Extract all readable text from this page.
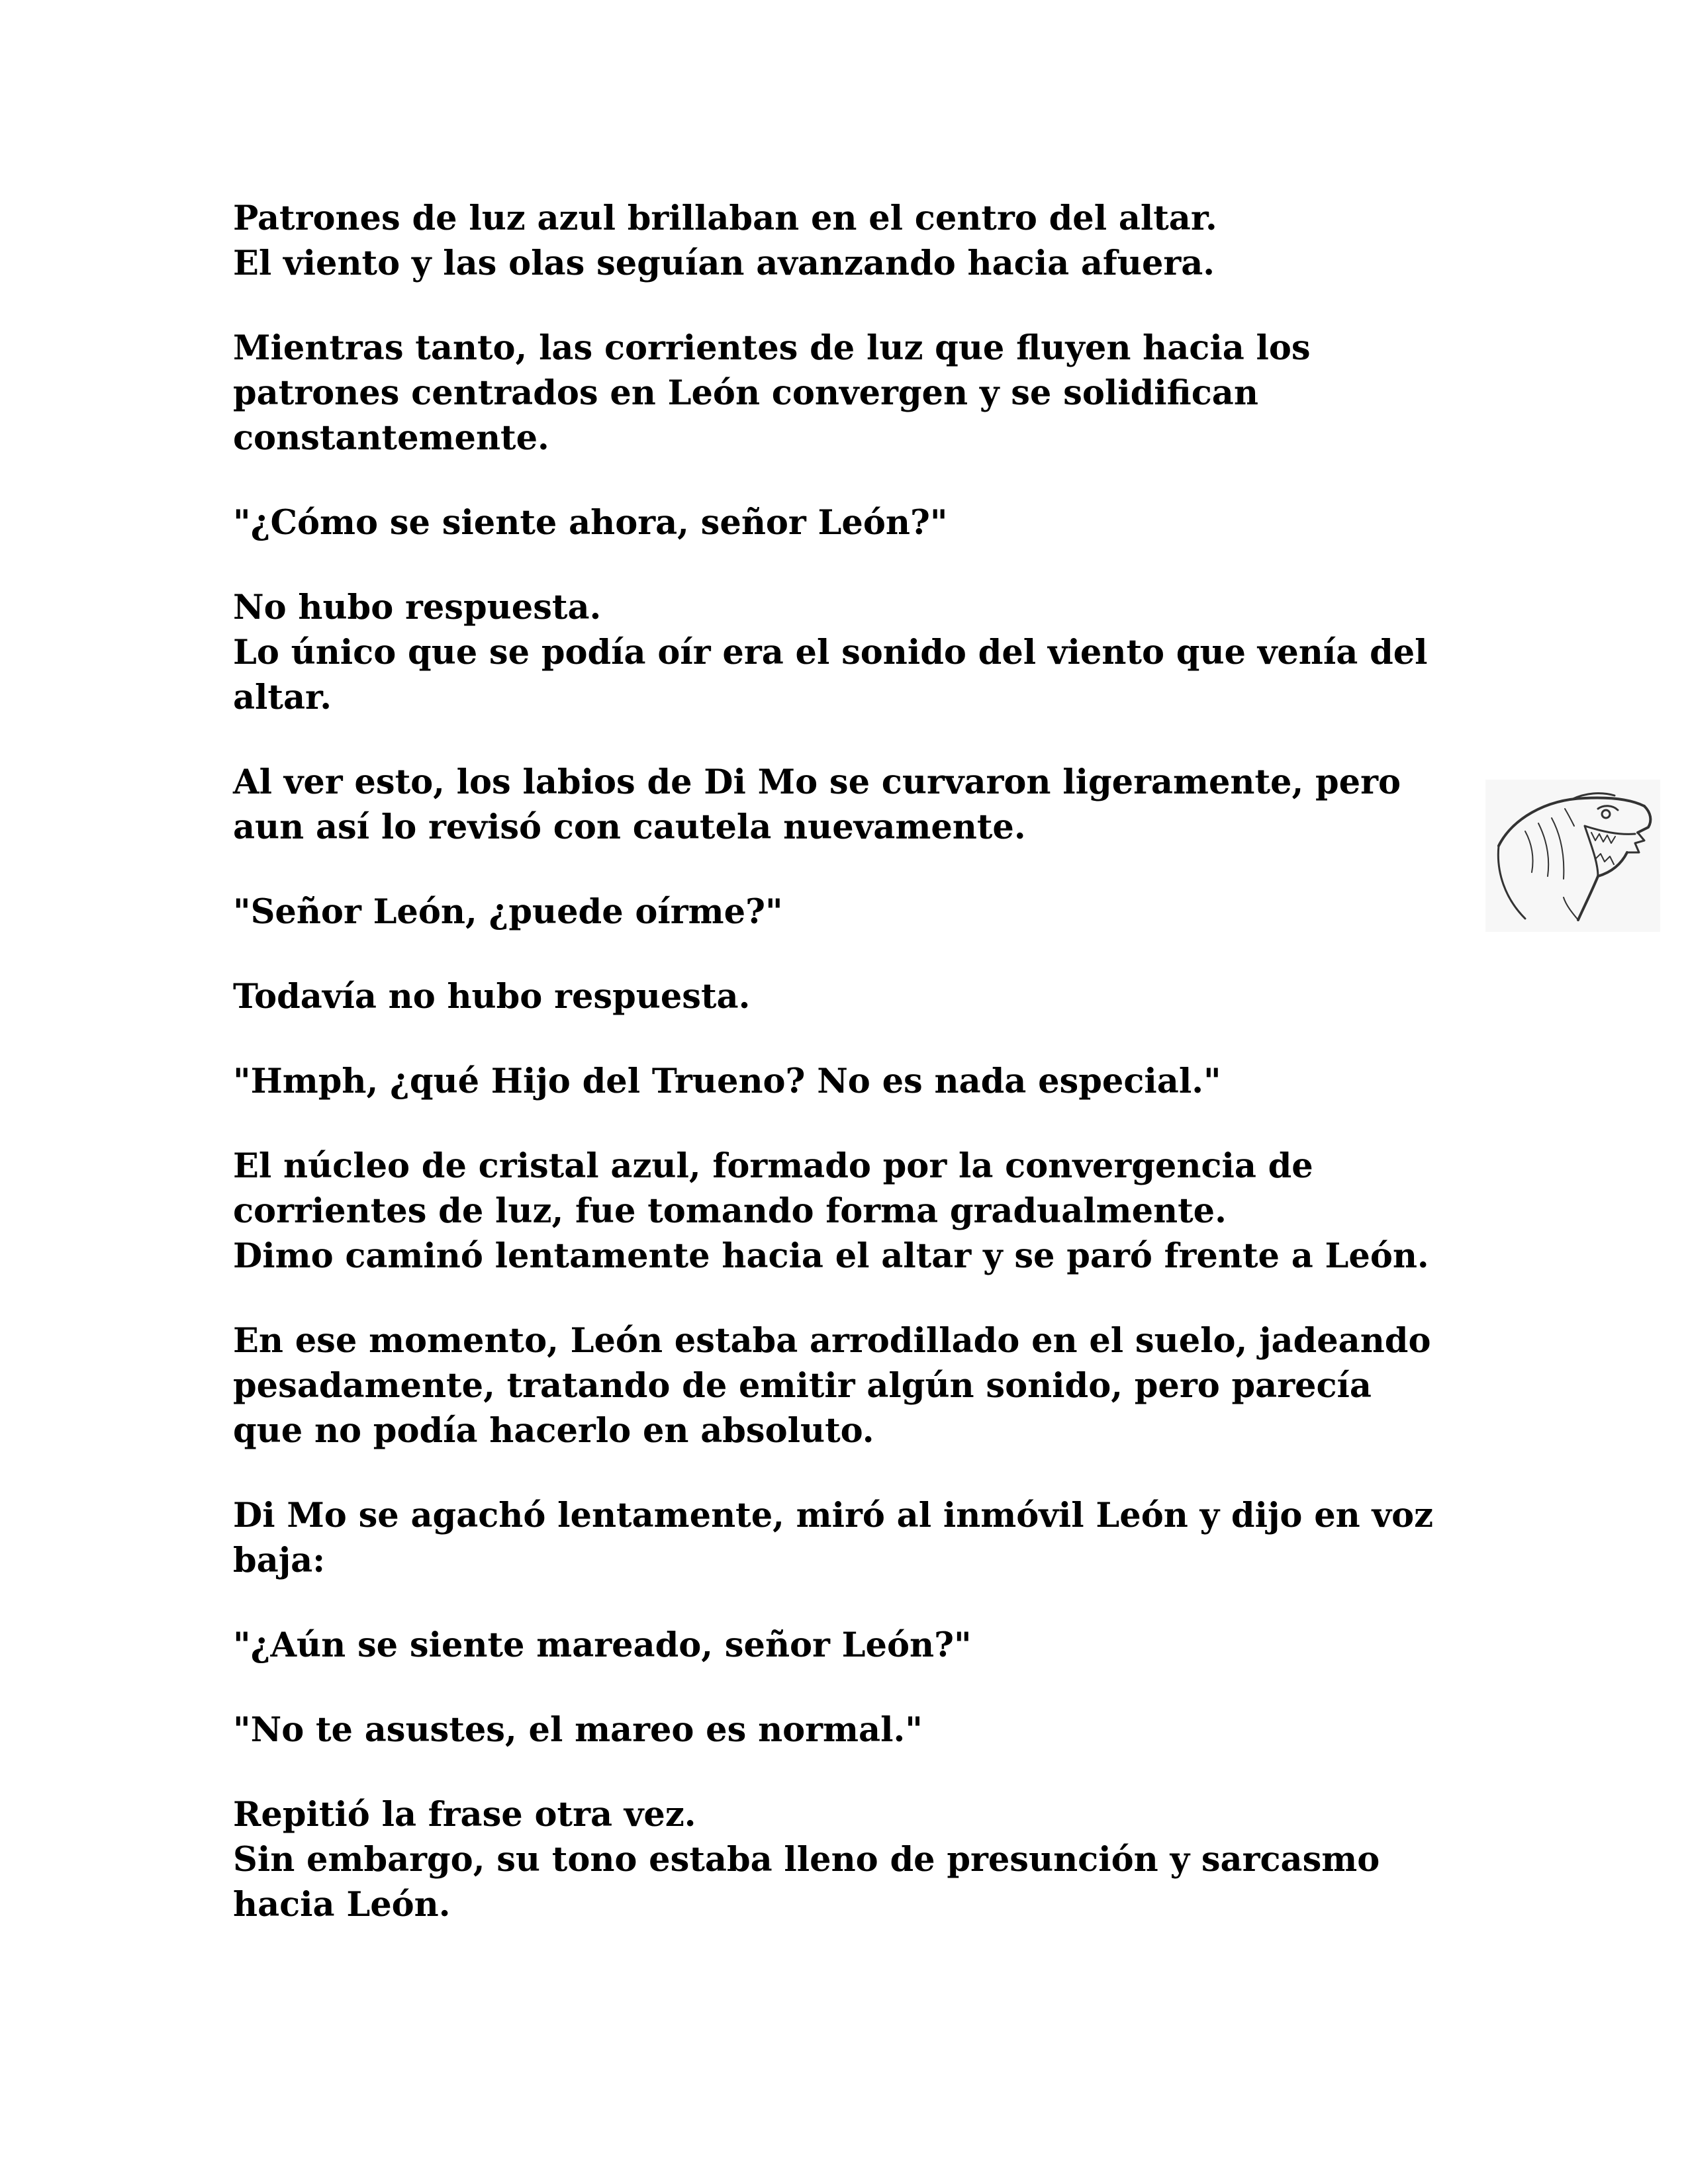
Patrones de luz azul brillaban en el centro del altar.
El viento y las olas seguían avanzando hacia afuera.
Mientras tanto, las corrientes de luz que fluyen hacia los
patrones centrados en León convergen y se solidifican
constantemente.
"¿Cómo se siente ahora, señor León?"
No hubo respuesta.
Lo único que se podía oír era el sonido del viento que venía del
altar.
Al ver esto, los labios de Di Mo se curvaron ligeramente, pero
aun así lo revisó con cautela nuevamente.
"Señor León, ¿puede oírme?"
Todavía no hubo respuesta.
"Hmph, ¿qué Hijo del Trueno? No es nada especial."
El núcleo de cristal azul, formado por la convergencia de
corrientes de luz, fue tomando forma gradualmente.
Dimo caminó lentamente hacia el altar y se paró frente a León.
En ese momento, León estaba arrodillado en el suelo, jadeando
pesadamente, tratando de emitir algún sonido, pero parecía
que no podía hacerlo en absoluto.
Di Mo se agachó lentamente, miró al inmóvil León y dijo en voz
baja:
"¿Aún se siente mareado, señor León?"
"No te asustes, el mareo es normal."
Repitió la frase otra vez.
Sin embargo, su tono estaba lleno de presunción y sarcasmo
hacia León.
